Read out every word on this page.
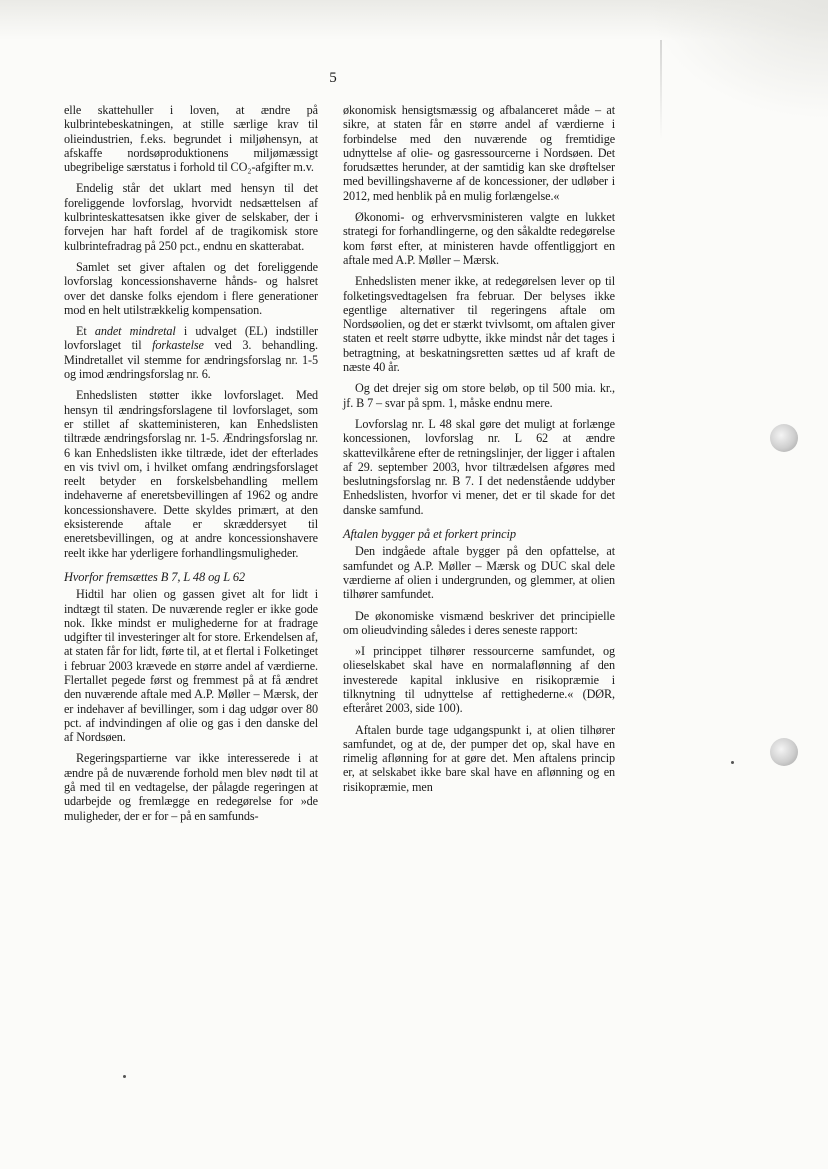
5

elle skattehuller i loven, at ændre på kulbrintebeskatningen, at stille særlige krav til olieindustrien, f.eks. begrundet i miljøhensyn, at afskaffe nordsøproduktionens miljømæssigt ubegribelige særstatus i forhold til CO₂-afgifter m.v.

Endelig står det uklart med hensyn til det foreliggende lovforslag, hvorvidt nedsættelsen af kulbrinteskattesatsen ikke giver de selskaber, der i forvejen har haft fordel af de tragikomisk store kulbrintefradrag på 250 pct., endnu en skatterabat.

Samlet set giver aftalen og det foreliggende lovforslag koncessionshaverne hånds- og halsret over det danske folks ejendom i flere generationer mod en helt utilstrækkelig kompensation.

Et andet mindretal i udvalget (EL) indstiller lovforslaget til forkastelse ved 3. behandling. Mindretallet vil stemme for ændringsforslag nr. 1-5 og imod ændringsforslag nr. 6.

Enhedslisten støtter ikke lovforslaget. Med hensyn til ændringsforslagene til lovforslaget, som er stillet af skatteministeren, kan Enhedslisten tiltræde ændringsforslag nr. 1-5. Ændringsforslag nr. 6 kan Enhedslisten ikke tiltræde, idet der efterlades en vis tvivl om, i hvilket omfang ændringsforslaget reelt betyder en forskelsbehandling mellem indehaverne af eneretsbevillingen af 1962 og andre koncessionshavere. Dette skyldes primært, at den eksisterende aftale er skræddersyet til eneretsbevillingen, og at andre koncessionshavere reelt ikke har yderligere forhandlingsmuligheder.

Hvorfor fremsættes B 7, L 48 og L 62

Hidtil har olien og gassen givet alt for lidt i indtægt til staten. De nuværende regler er ikke gode nok. Ikke mindst er mulighederne for at fradrage udgifter til investeringer alt for store. Erkendelsen af, at staten får for lidt, førte til, at et flertal i Folketinget i februar 2003 krævede en større andel af værdierne. Flertallet pegede først og fremmest på at få ændret den nuværende aftale med A.P. Møller – Mærsk, der er indehaver af bevillinger, som i dag udgør over 80 pct. af indvindingen af olie og gas i den danske del af Nordsøen.

Regeringspartierne var ikke interesserede i at ændre på de nuværende forhold men blev nødt til at gå med til en vedtagelse, der pålagde regeringen at udarbejde og fremlægge en redegørelse for »de muligheder, der er for – på en samfunds-

økonomisk hensigtsmæssig og afbalanceret måde – at sikre, at staten får en større andel af værdierne i forbindelse med den nuværende og fremtidige udnyttelse af olie- og gasressourcerne i Nordsøen. Det forudsættes herunder, at der samtidig kan ske drøftelser med bevillingshaverne af de koncessioner, der udløber i 2012, med henblik på en mulig forlængelse.«

Økonomi- og erhvervsministeren valgte en lukket strategi for forhandlingerne, og den såkaldte redegørelse kom først efter, at ministeren havde offentliggjort en aftale med A.P. Møller – Mærsk.

Enhedslisten mener ikke, at redegørelsen lever op til folketingsvedtagelsen fra februar. Der belyses ikke egentlige alternativer til regeringens aftale om Nordsøolien, og det er stærkt tvivlsomt, om aftalen giver staten et reelt større udbytte, ikke mindst når det tages i betragtning, at beskatningsretten sættes ud af kraft de næste 40 år.

Og det drejer sig om store beløb, op til 500 mia. kr., jf. B 7 – svar på spm. 1, måske endnu mere.

Lovforslag nr. L 48 skal gøre det muligt at forlænge koncessionen, lovforslag nr. L 62 at ændre skattevilkårene efter de retningslinjer, der ligger i aftalen af 29. september 2003, hvor tiltrædelsen afgøres med beslutningsforslag nr. B 7. I det nedenstående uddyber Enhedslisten, hvorfor vi mener, det er til skade for det danske samfund.

Aftalen bygger på et forkert princip

Den indgåede aftale bygger på den opfattelse, at samfundet og A.P. Møller – Mærsk og DUC skal dele værdierne af olien i undergrunden, og glemmer, at olien tilhører samfundet.

De økonomiske vismænd beskriver det principielle om olieudvinding således i deres seneste rapport:

»I princippet tilhører ressourcerne samfundet, og olieselskabet skal have en normalaflønning af den investerede kapital inklusive en risikopræmie i tilknytning til udnyttelse af rettighederne.« (DØR, efteråret 2003, side 100).

Aftalen burde tage udgangspunkt i, at olien tilhører samfundet, og at de, der pumper det op, skal have en rimelig aflønning for at gøre det. Men aftalens princip er, at selskabet ikke bare skal have en aflønning og en risikopræmie, men
